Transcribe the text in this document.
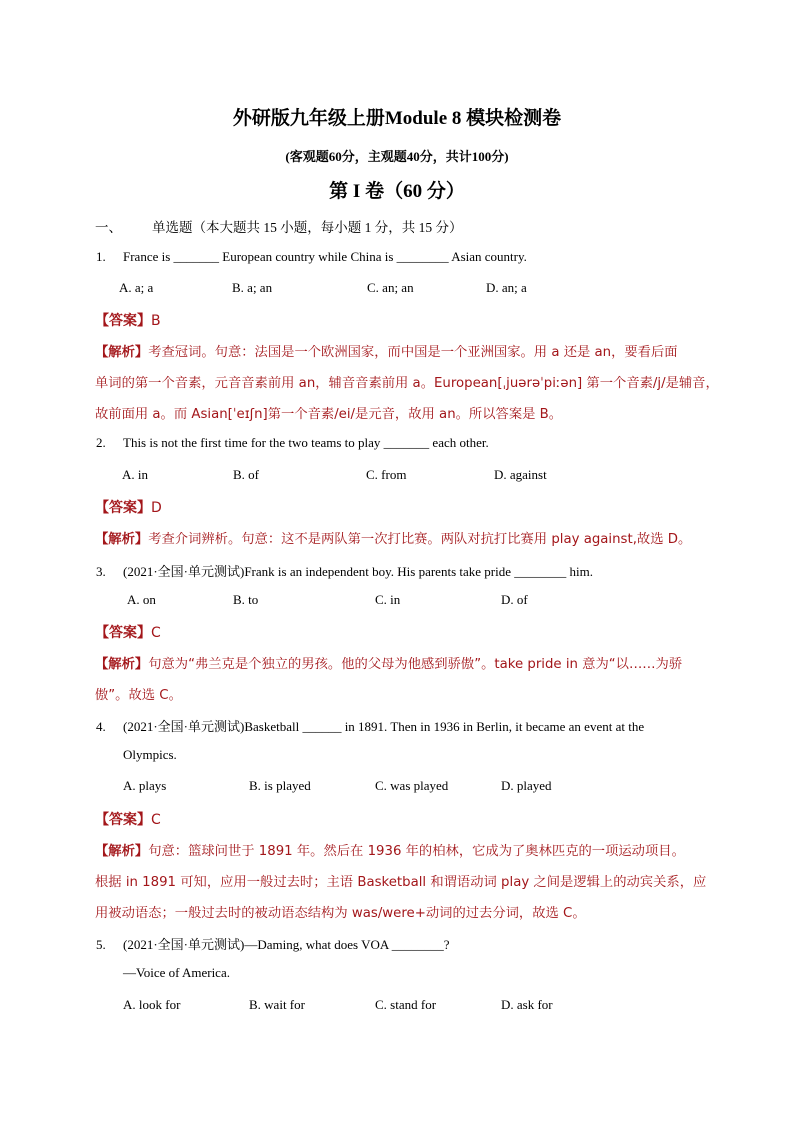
外研版九年级上册Module 8 模块检测卷
(客观题60分，主观题40分，共计100分)
第 I 卷（60 分）
一、 单选题（本大题共 15 小题，每小题 1 分，共 15 分）
1. France is _______ European country while China is ________ Asian country.
A. a; a	B. a; an	C. an; an	D. an; a
【答案】B
【解析】考查冠词。句意：法国是一个欧洲国家，而中国是一个亚洲国家。用 a 还是 an，要看后面
单词的第一个音素，元音音素前用 an，辅音音素前用 a。European[ˌjuərəˈpiːən] 第一个音素/j/是辅音，
故前面用 a。而 Asian[ˈeɪʃn]第一个音素/ei/是元音，故用 an。所以答案是 B。
2. This is not the first time for the two teams to play _______ each other.
A. in	B. of	C. from	D. against
【答案】D
【解析】考查介词辨析。句意：这不是两队第一次打比赛。两队对抗打比赛用 play against,故选 D。
3. (2021·全国·单元测试)Frank is an independent boy. His parents take pride ________ him.
A. on	B. to	C. in	D. of
【答案】C
【解析】句意为“弗兰克是个独立的男孩。他的父母为他感到骄傲”。take pride in 意为“以……为骄
傲”。故选 C。
4. (2021·全国·单元测试)Basketball ______ in 1891. Then in 1936 in Berlin, it became an event at the
Olympics.
A. plays	B. is played	C. was played	D. played
【答案】C
【解析】句意：篮球问世于 1891 年。然后在 1936 年的柏林，它成为了奥林匹克的一项运动项目。
根据 in 1891 可知，应用一般过去时；主语 Basketball 和谓语动词 play 之间是逻辑上的动宾关系，应
用被动语态；一般过去时的被动语态结构为 was/were+动词的过去分词，故选 C。
5. (2021·全国·单元测试)—Daming, what does VOA ________?
—Voice of America.
A. look for	B. wait for	C. stand for	D. ask for
